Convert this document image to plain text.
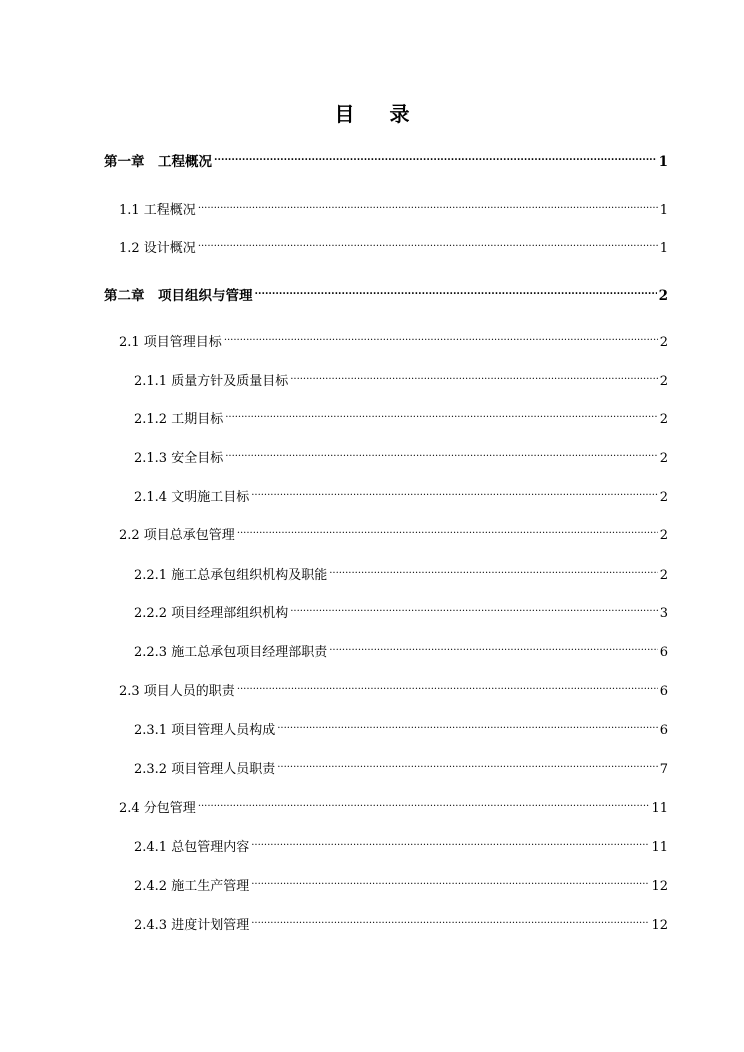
目 录
第一章　工程概况 .....	1
1.1 工程概况 .....	1
1.2 设计概况 .....	1
第二章　项目组织与管理 .....	2
2.1 项目管理目标 .....	2
2.1.1 质量方针及质量目标 .....	2
2.1.2 工期目标 .....	2
2.1.3 安全目标 .....	2
2.1.4 文明施工目标 .....	2
2.2 项目总承包管理 .....	2
2.2.1 施工总承包组织机构及职能 .....	2
2.2.2 项目经理部组织机构 .....	3
2.2.3 施工总承包项目经理部职责 .....	6
2.3 项目人员的职责 .....	6
2.3.1 项目管理人员构成 .....	6
2.3.2 项目管理人员职责 .....	7
2.4 分包管理 .....	11
2.4.1 总包管理内容 .....	11
2.4.2 施工生产管理 .....	12
2.4.3 进度计划管理 .....	12
